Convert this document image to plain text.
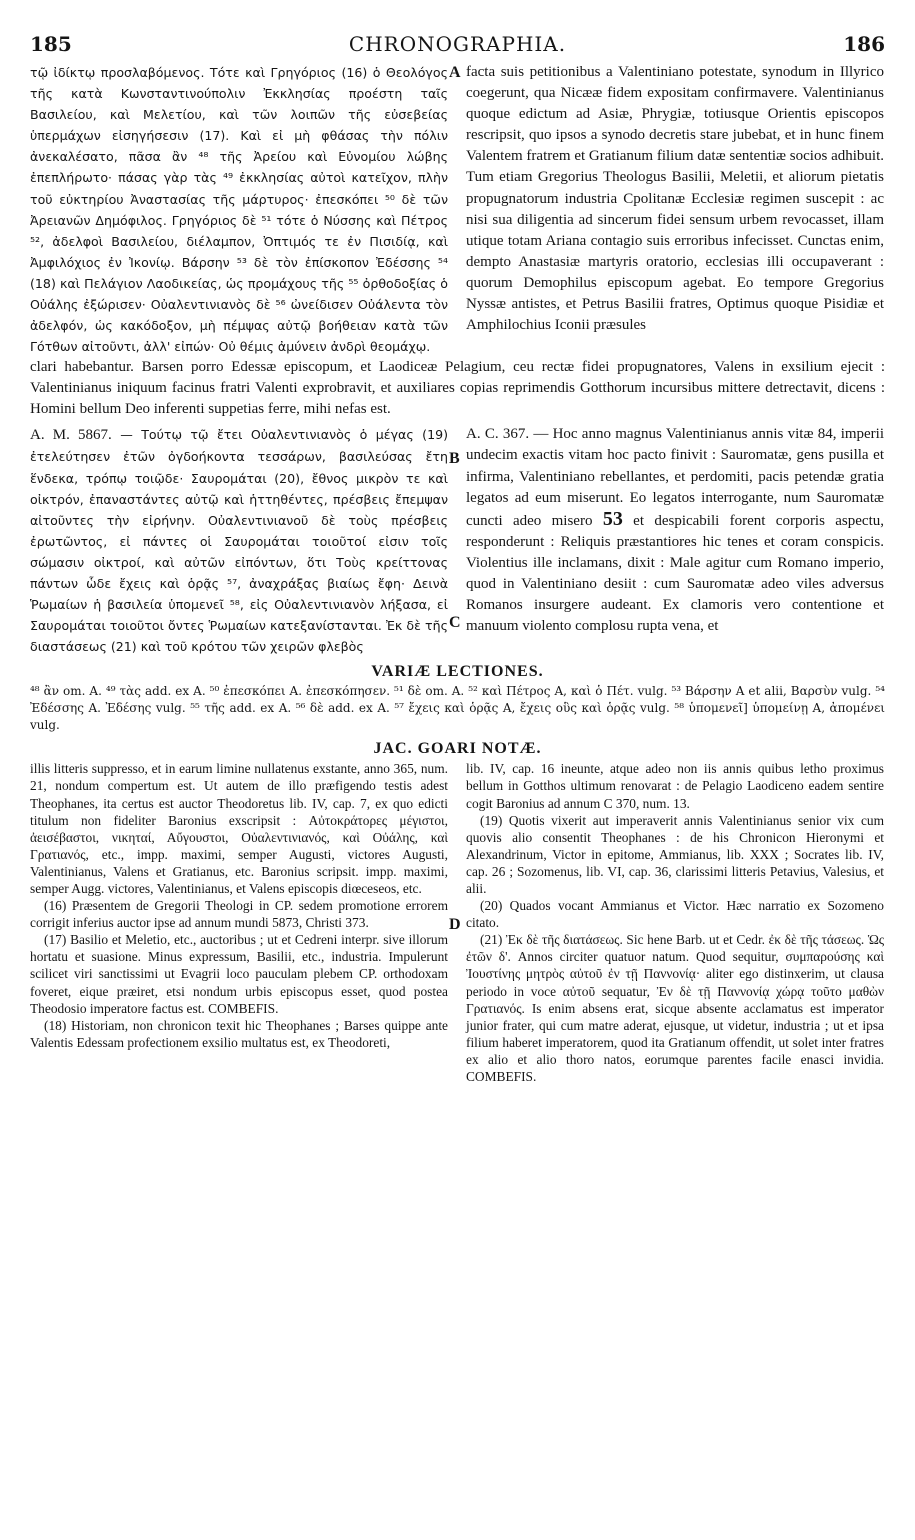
185	CHRONOGRAPHIA.	186

τῷ ἰδίκτῳ προσλαβόμενος. Τότε καὶ Γρηγόριος (16) ὁ Θεολόγος τῆς κατὰ Κωνσταντινούπολιν Ἐκκλησίας προέστη ταῖς Βασιλείου, καὶ Μελετίου, καὶ τῶν λοιπῶν τῆς εὐσεβείας ὑπερμάχων εἰσηγήσεσιν (17). Καὶ εἰ μὴ φθάσας τὴν πόλιν ἀνεκαλέσατο, πᾶσα ἂν ⁴⁸ τῆς Ἀρείου καὶ Εὐνομίου λώβης ἐπεπλήρωτο· πάσας γὰρ τὰς ⁴⁹ ἐκκλησίας αὐτοὶ κατεῖχον, πλὴν τοῦ εὐκτηρίου Ἀναστασίας τῆς μάρτυρος· ἐπεσκόπει ⁵⁰ δὲ τῶν Ἀρειανῶν Δημόφιλος. Γρηγόριος δὲ ⁵¹ τότε ὁ Νύσσης καὶ Πέτρος ⁵², ἀδελφοὶ Βασιλείου, διέλαμπον, Ὀπτιμός τε ἐν Πισιδίᾳ, καὶ Ἀμφιλόχιος ἐν Ἰκονίῳ. Βάρσην ⁵³ δὲ τὸν ἐπίσκοπον Ἐδέσσης ⁵⁴ (18) καὶ Πελάγιον Λαοδικείας, ὡς προμάχους τῆς ⁵⁵ ὀρθοδοξίας ὁ Οὐάλης ἐξώρισεν· Οὐαλεντινιανὸς δὲ ⁵⁶ ὠνείδισεν Οὐάλεντα τὸν ἀδελφόν, ὡς κακόδοξον, μὴ πέμψας αὐτῷ βοήθειαν κατὰ τῶν Γότθων αἰτοῦντι, ἀλλ' εἰπών· Οὐ θέμις ἀμύνειν ἀνδρὶ θεομάχῳ.

facta suis petitionibus a Valentiniano potestate, synodum in Illyrico coegerunt, qua Nicææ fidem expositam confirmavere. Valentinianus quoque edictum ad Asiæ, Phrygiæ, totiusque Orientis episcopos rescripsit, quo ipsos a synodo decretis stare jubebat, et in hunc finem Valentem fratrem et Gratianum filium datæ sententiæ socios adhibuit. Tum etiam Gregorius Theologus Basilii, Meletii, et aliorum pietatis propugnatorum industria Cpolitanæ Ecclesiæ regimen suscepit : ac nisi sua diligentia ad sincerum fidei sensum urbem revocasset, illam utique totam Ariana contagio suis erroribus infecisset. Cunctas enim, dempto Anastasiæ martyris oratorio, ecclesias illi occupaverant : quorum Demophilus episcopum agebat. Eo tempore Gregorius Nyssæ antistes, et Petrus Basilii fratres, Optimus quoque Pisidiæ et Amphilochius Iconii præsules

A
B

clari habebantur. Barsen porro Edessæ episcopum, et Laodiceæ Pelagium, ceu rectæ fidei propugnatores, Valens in exsilium ejecit : Valentinianus iniquum facinus fratri Valenti exprobravit, et auxiliares copias reprimendis Gotthorum incursibus mittere detrectavit, dicens : Homini bellum Deo inferenti suppetias ferre, mihi nefas est.

A. M. 5867. — Τούτῳ τῷ ἔτει Οὐαλεντινιανὸς ὁ μέγας (19) ἐτελεύτησεν ἐτῶν ὀγδοήκοντα τεσσάρων, βασιλεύσας ἔτη ἕνδεκα, τρόπῳ τοιῷδε· Σαυρομάται (20), ἔθνος μικρὸν τε καὶ οἰκτρόν, ἐπαναστάντες αὐτῷ καὶ ἡττηθέντες, πρέσβεις ἔπεμψαν αἰτοῦντες τὴν εἰρήνην. Οὐαλεντινιανοῦ δὲ τοὺς πρέσβεις ἐρωτῶντος, εἰ πάντες οἱ Σαυρομάται τοιοῦτοί εἰσιν τοῖς σώμασιν οἰκτροί, καὶ αὐτῶν εἰπόντων, ὅτι Τοὺς κρείττονας πάντων ὧδε ἔχεις καὶ ὁρᾷς ⁵⁷, ἀναχράξας βιαίως ἔφη· Δεινὰ Ῥωμαίων ἡ βασιλεία ὑπομενεῖ ⁵⁸, εἰς Οὐαλεντινιανὸν λήξασα, εἰ Σαυρομάται τοιοῦτοι ὄντες Ῥωμαίων κατεξανίστανται. Ἐκ δὲ τῆς διαστάσεως (21) καὶ τοῦ κρότου τῶν χειρῶν φλεβὸς

A. C. 367. — Hoc anno magnus Valentinianus annis vitæ 84, imperii undecim exactis vitam hoc pacto finivit : Sauromatæ, gens pusilla et infirma, Valentiniano rebellantes, et perdomiti, pacis petendæ gratia legatos ad eum miserunt. Eo legatos interrogante, num Sauromatæ cuncti adeo misero 53 et despicabili forent corporis aspectu, responderunt : Reliquis præstantiores hic tenes et coram conspicis. Violentius ille inclamans, dixit : Male agitur cum Romano imperio, quod in Valentiniano desiit : cum Sauromatæ adeo viles adversus Romanos insurgere audeant. Ex clamoris vero contentione et manuum violento complosu rupta vena, et

C
VARIÆ LECTIONES.
⁴⁸ ἂν om. A. ⁴⁹ τὰς add. ex A. ⁵⁰ ἐπεσκόπει A. ἐπεσκόπησεν. ⁵¹ δὲ om. A. ⁵² καὶ Πέτρος A, καὶ ὁ Πέτ. vulg. ⁵³ Βάρσην A et alii, Βαρσὺν vulg. ⁵⁴ Ἐδέσσης A. Ἐδέσης vulg. ⁵⁵ τῆς add. ex A. ⁵⁶ δὲ add. ex A. ⁵⁷ ἔχεις καὶ ὁρᾷς A, ἔχεις οὓς καὶ ὁρᾷς vulg. ⁵⁸ ὑπομενεῖ] ὑπομείνῃ A, ἀπομένει vulg.
JAC. GOARI NOTÆ.

illis litteris suppresso, et in earum limine nullatenus exstante, anno 365, num. 21, nondum compertum est. Ut autem de illo præfigendo testis adest Theophanes, ita certus est auctor Theodoretus lib. IV, cap. 7, ex quo edicti titulum non fideliter Baronius exscripsit : Αὐτοκράτορες μέγιστοι, ἀεισέβαστοι, νικηταί, Αὔγουστοι, Οὐαλεντινιανός, καὶ Οὐάλης, καὶ Γρατιανός, etc., impp. maximi, semper Augusti, victores Augusti, Valentinianus, Valens et Gratianus, etc. Baronius scripsit. impp. maximi, semper Augg. victores, Valentinianus, et Valens episcopis diœceseos, etc.

(16) Præsentem de Gregorii Theologi in CP. sedem promotione errorem corrigit inferius auctor ipse ad annum mundi 5873, Christi 373.

(17) Basilio et Meletio, etc., auctoribus ; ut et Cedreni interpr. sive illorum hortatu et suasione. Minus expressum, Basilii, etc., industria. Impulerunt scilicet viri sanctissimi ut Evagrii loco pauculam plebem CP. orthodoxam foveret, eique præiret, etsi nondum urbis episcopus esset, quod postea Theodosio imperatore factus est. COMBEFIS.

(18) Historiam, non chronicon texit hic Theophanes ; Barses quippe ante Valentis Edessam profectionem exsilio multatus est, ex Theodoreti,

lib. IV, cap. 16 ineunte, atque adeo non iis annis quibus letho proximus bellum in Gotthos ultimum renovarat : de Pelagio Laodiceno eadem sentire cogit Baronius ad annum C 370, num. 13.

(19) Quotis vixerit aut imperaverit annis Valentinianus senior vix cum quovis alio consentit Theophanes : de his Chronicon Hieronymi et Alexandrinum, Victor in epitome, Ammianus, lib. XXX ; Socrates lib. IV, cap. 26 ; Sozomenus, lib. VI, cap. 36, clarissimi litteris Petavius, Valesius, et alii.

(20) Quados vocant Ammianus et Victor. Hæc narratio ex Sozomeno citato.

(21) Ἐκ δὲ τῆς διατάσεως. Sic hene Barb. ut et Cedr. ἐκ δὲ τῆς τάσεως. Ὡς ἐτῶν δ'. Annos circiter quatuor natum. Quod sequitur, συμπαρούσης καὶ Ἰουστίνης μητρὸς αὐτοῦ ἐν τῇ Παννονίᾳ· aliter ego distinxerim, ut clausa periodo in voce αὐτοῦ sequatur, Ἐν δὲ τῇ Παννονίᾳ χώρᾳ τοῦτο μαθὼν Γρατιανός. Is enim absens erat, sicque absente acclamatus est imperator junior frater, qui cum matre aderat, ejusque, ut videtur, industria ; ut et ipsa filium haberet imperatorem, quod ita Gratianum offendit, ut solet inter fratres ex alio et alio thoro natos, eorumque parentes facile enasci invidia. COMBEFIS.

D
